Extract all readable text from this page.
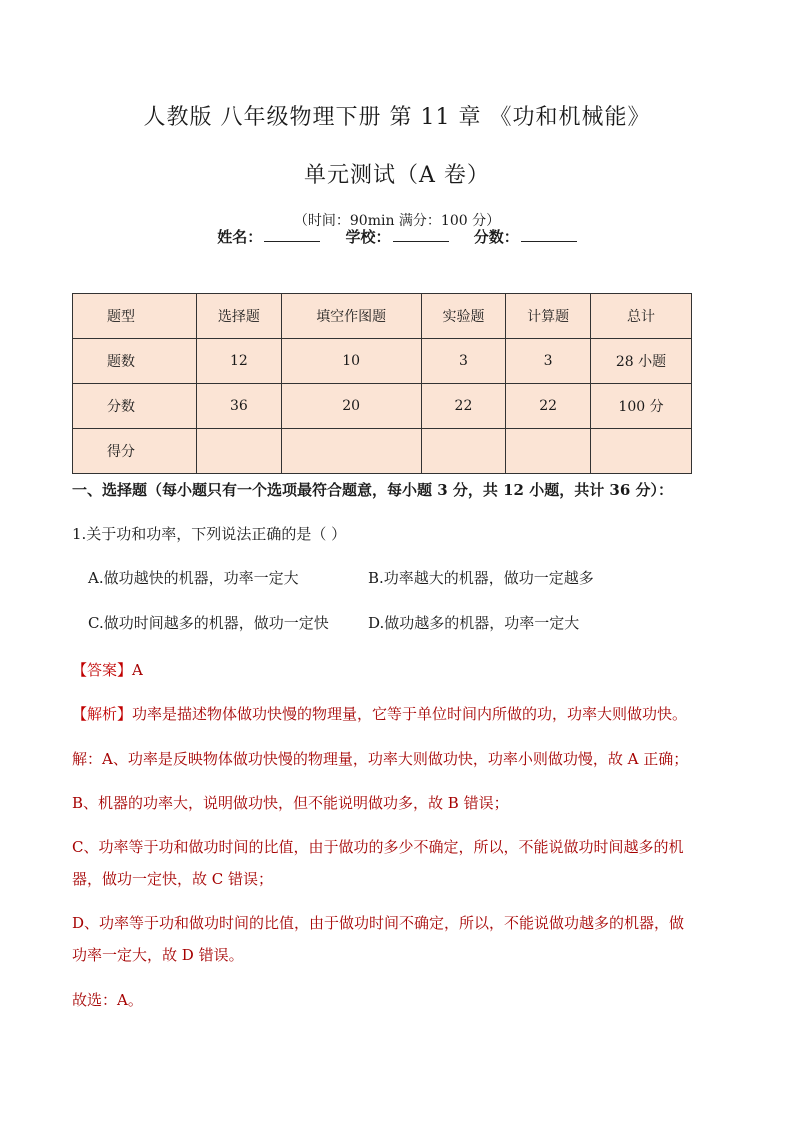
人教版 八年级物理下册 第 11 章 《功和机械能》
单元测试（A 卷）
（时间：90min 满分：100 分）
姓名：	学校：	分数：
题型	选择题	填空作图题	实验题	计算题	总计
题数	12	10	3	3	28 小题
分数	36	20	22	22	100 分
得分					
一、选择题（每小题只有一个选项最符合题意，每小题 3 分，共 12 小题，共计 36 分）：
1.关于功和功率，下列说法正确的是（ ）
A.做功越快的机器，功率一定大	B.功率越大的机器，做功一定越多
C.做功时间越多的机器，做功一定快	D.做功越多的机器，功率一定大
【答案】A
【解析】功率是描述物体做功快慢的物理量，它等于单位时间内所做的功，功率大则做功快。
解：A、功率是反映物体做功快慢的物理量，功率大则做功快，功率小则做功慢，故 A 正确；
B、机器的功率大，说明做功快，但不能说明做功多，故 B 错误；
C、功率等于功和做功时间的比值，由于做功的多少不确定，所以，不能说做功时间越多的机
器，做功一定快，故 C 错误；
D、功率等于功和做功时间的比值，由于做功时间不确定，所以，不能说做功越多的机器，做
功率一定大，故 D 错误。
故选：A。
